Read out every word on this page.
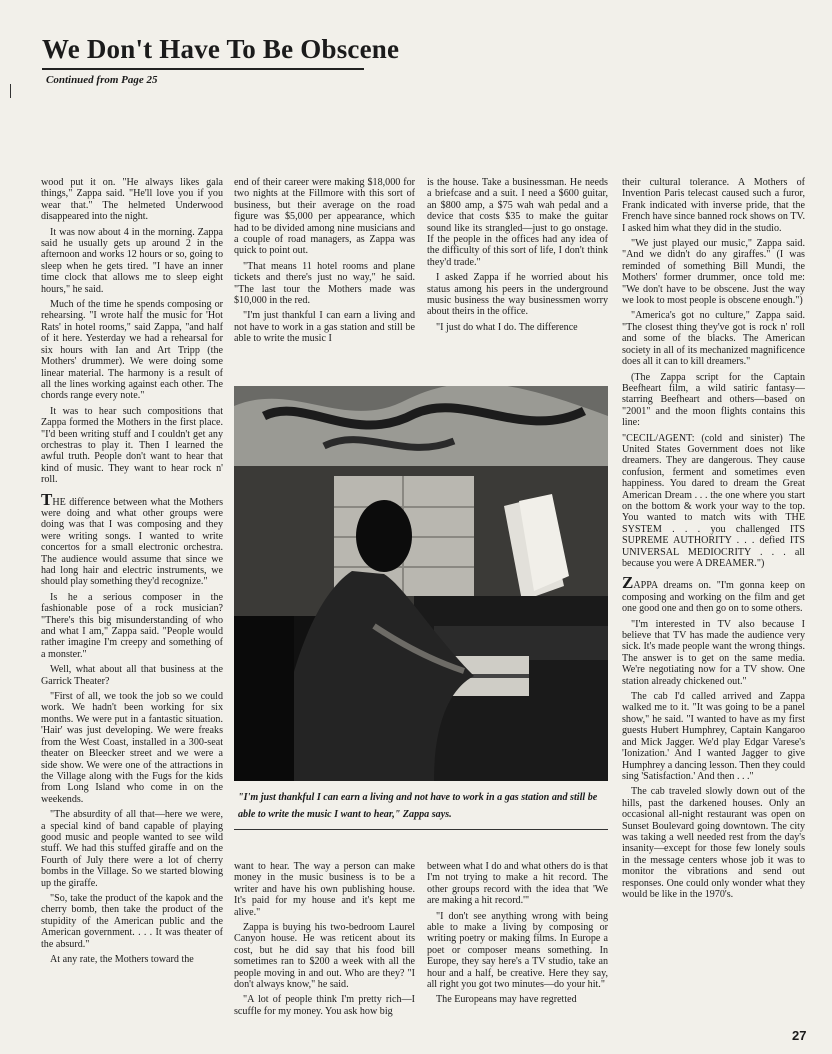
We Don't Have To Be Obscene
Continued from Page 25

wood put it on. "He always likes gala things," Zappa said. "He'll love you if you wear that." The helmeted Underwood disappeared into the night.

It was now about 4 in the morning. Zappa said he usually gets up around 2 in the afternoon and works 12 hours or so, going to sleep when he gets tired. "I have an inner time clock that allows me to sleep eight hours," he said.

Much of the time he spends composing or rehearsing. "I wrote half the music for 'Hot Rats' in hotel rooms," said Zappa, "and half of it here. Yesterday we had a rehearsal for six hours with Ian and Art Tripp (the Mothers' drummer). We were doing some linear material. The harmony is a result of all the lines working against each other. The chords range every note."

It was to hear such compositions that Zappa formed the Mothers in the first place. "I'd been writing stuff and I couldn't get any orchestras to play it. Then I learned the awful truth. People don't want to hear that kind of music. They want to hear rock n' roll.

THE difference between what the Mothers were doing and what other groups were doing was that I was composing and they were writing songs. I wanted to write concertos for a small electronic orchestra. The audience would assume that since we had long hair and electric instruments, we should play something they'd recognize."

Is he a serious composer in the fashionable pose of a rock musician? "There's this big misunderstanding of who and what I am," Zappa said. "People would rather imagine I'm creepy and something of a monster."

Well, what about all that business at the Garrick Theater?

"First of all, we took the job so we could work. We hadn't been working for six months. We were put in a fantastic situation. 'Hair' was just developing. We were freaks from the West Coast, installed in a 300-seat theater on Bleecker street and we were a side show. We were one of the attractions in the Village along with the Fugs for the kids from Long Island who come in on the weekends.

"The absurdity of all that—here we were, a special kind of band capable of playing good music and people wanted to see wild stuff. We had this stuffed giraffe and on the Fourth of July there were a lot of cherry bombs in the Village. So we started blowing up the giraffe.

"So, take the product of the kapok and the cherry bomb, then take the product of the stupidity of the American public and the American government. . . . It was theater of the absurd."

At any rate, the Mothers toward the

end of their career were making $18,000 for two nights at the Fillmore with this sort of business, but their average on the road figure was $5,000 per appearance, which had to be divided among nine musicians and a couple of road managers, as Zappa was quick to point out.

"That means 11 hotel rooms and plane tickets and there's just no way," he said. "The last tour the Mothers made was $10,000 in the red.

"I'm just thankful I can earn a living and not have to work in a gas station and still be able to write the music I

is the house. Take a businessman. He needs a briefcase and a suit. I need a $600 guitar, an $800 amp, a $75 wah wah pedal and a device that costs $35 to make the guitar sound like its strangled—just to go onstage. If the people in the offices had any idea of the difficulty of this sort of life, I don't think they'd trade."

I asked Zappa if he worried about his status among his peers in the underground music business the way businessmen worry about theirs in the office.

"I just do what I do. The difference

"I'm just thankful I can earn a living and not have to work in a gas station and still be able to write the music I want to hear," Zappa says.

their cultural tolerance. A Mothers of Invention Paris telecast caused such a furor, Frank indicated with inverse pride, that the French have since banned rock shows on TV. I asked him what they did in the studio.

"We just played our music," Zappa said. "And we didn't do any giraffes." (I was reminded of something Bill Mundi, the Mothers' former drummer, once told me: "We don't have to be obscene. Just the way we look to most people is obscene enough.")

"America's got no culture," Zappa said. "The closest thing they've got is rock n' roll and some of the blacks. The American society in all of its mechanized magnificence does all it can to kill dreamers."

(The Zappa script for the Captain Beefheart film, a wild satiric fantasy—starring Beefheart and others—based on "2001" and the moon flights contains this line:

"CECIL/AGENT: (cold and sinister) The United States Government does not like dreamers. They are dangerous. They cause confusion, ferment and sometimes even happiness. You dared to dream the Great American Dream . . . the one where you start on the bottom & work your way to the top. You wanted to match wits with THE SYSTEM . . . you challenged ITS SUPREME AUTHORITY . . . defied ITS UNIVERSAL MEDIOCRITY . . . all because you were A DREAMER.")

ZAPPA dreams on. "I'm gonna keep on composing and working on the film and get one good one and then go on to some others.

"I'm interested in TV also because I believe that TV has made the audience very sick. It's made people want the wrong things. The answer is to get on the same media. We're negotiating now for a TV show. One station already chickened out."

The cab I'd called arrived and Zappa walked me to it. "It was going to be a panel show," he said. "I wanted to have as my first guests Hubert Humphrey, Captain Kangaroo and Mick Jagger. We'd play Edgar Varese's 'Ionization.' And I wanted Jagger to give Humphrey a dancing lesson. Then they could sing 'Satisfaction.' And then . . ."

The cab traveled slowly down out of the hills, past the darkened houses. Only an occasional all-night restaurant was open on Sunset Boulevard going downtown. The city was taking a well needed rest from the day's insanity—except for those few lonely souls in the message centers whose job it was to monitor the vibrations and send out responses. One could only wonder what they would be like in the 1970's.

want to hear. The way a person can make money in the music business is to be a writer and have his own publishing house. It's paid for my house and it's kept me alive."

Zappa is buying his two-bedroom Laurel Canyon house. He was reticent about its cost, but he did say that his food bill sometimes ran to $200 a week with all the people moving in and out. Who are they? "I don't always know," he said.

"A lot of people think I'm pretty rich—I scuffle for my money. You ask how big

between what I do and what others do is that I'm not trying to make a hit record. The other groups record with the idea that 'We are making a hit record.'"

"I don't see anything wrong with being able to make a living by composing or writing poetry or making films. In Europe a poet or composer means something. In Europe, they say here's a TV studio, take an hour and a half, be creative. Here they say, all right you got two minutes—do your hit."

The Europeans may have regretted

27
